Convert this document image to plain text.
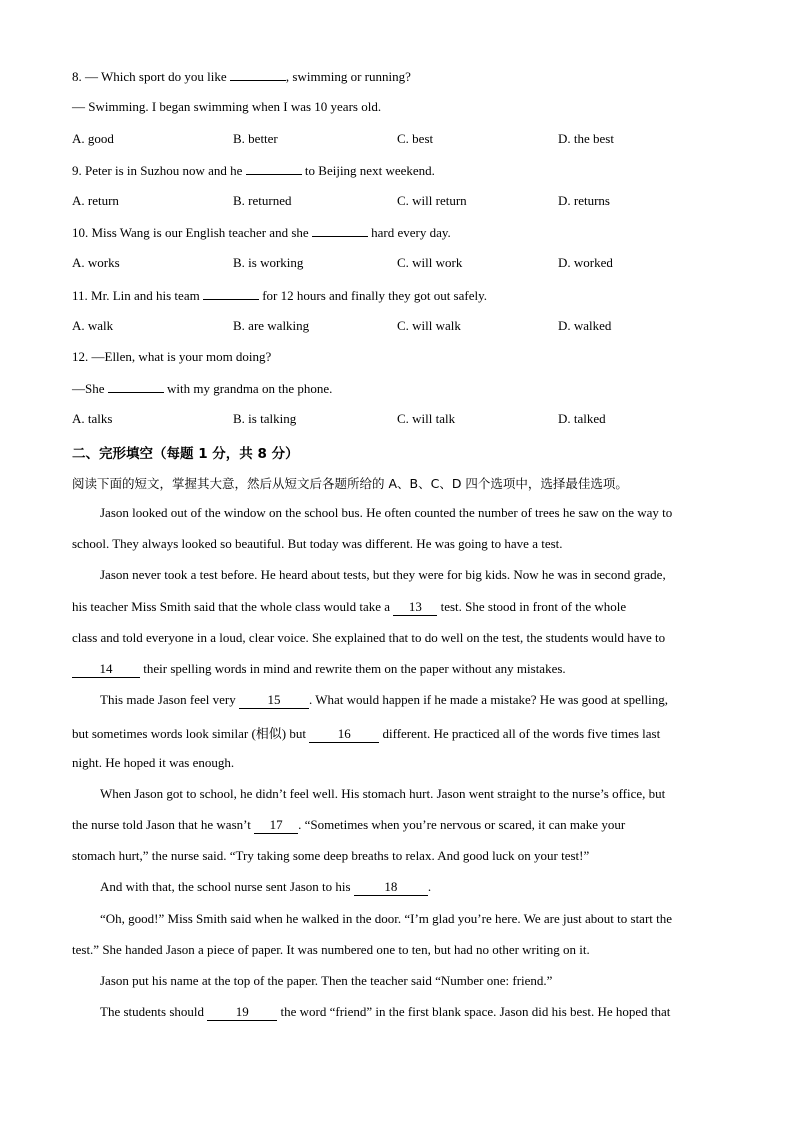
8. — Which sport do you like	, swimming or running?
— Swimming. I began swimming when I was 10 years old.
A. good	B. better	C. best	D. the best
9. Peter is in Suzhou now and he	to Beijing next weekend.
A. return	B. returned	C. will return	D. returns
10. Miss Wang is our English teacher and she	hard every day.
A. works	B. is working	C. will work	D. worked
11. Mr. Lin and his team	for 12 hours and finally they got out safely.
A. walk	B. are walking	C. will walk	D. walked
12. —Ellen, what is your mom doing?
—She	with my grandma on the phone.
A. talks	B. is talking	C. will talk	D. talked
二、完形填空（每题 1 分，共 8 分）
阅读下面的短文，掌握其大意，然后从短文后各题所给的 A、B、C、D 四个选项中，选择最佳选项。
Jason looked out of the window on the school bus. He often counted the number of trees he saw on the way to
school. They always looked so beautiful. But today was different. He was going to have a test.
Jason never took a test before. He heard about tests, but they were for big kids. Now he was in second grade,
his teacher Miss Smith said that the whole class would take a 13 test. She stood in front of the whole
class and told everyone in a loud, clear voice. She explained that to do well on the test, the students would have to
14 their spelling words in mind and rewrite them on the paper without any mistakes.
This made Jason feel very 15 . What would happen if he made a mistake? He was good at spelling,
but sometimes words look similar (相似) but 16 different. He practiced all of the words five times last
night. He hoped it was enough.
When Jason got to school, he didn’t feel well. His stomach hurt. Jason went straight to the nurse’s office, but
the nurse told Jason that he wasn’t 17 . “Sometimes when you’re nervous or scared, it can make your
stomach hurt,” the nurse said. “Try taking some deep breaths to relax. And good luck on your test!”
And with that, the school nurse sent Jason to his 18 .
“Oh, good!” Miss Smith said when he walked in the door. “I’m glad you’re here. We are just about to start the
test.” She handed Jason a piece of paper. It was numbered one to ten, but had no other writing on it.
Jason put his name at the top of the paper. Then the teacher said “Number one: friend.”
The students should 19 the word “friend” in the first blank space. Jason did his best. He hoped that
